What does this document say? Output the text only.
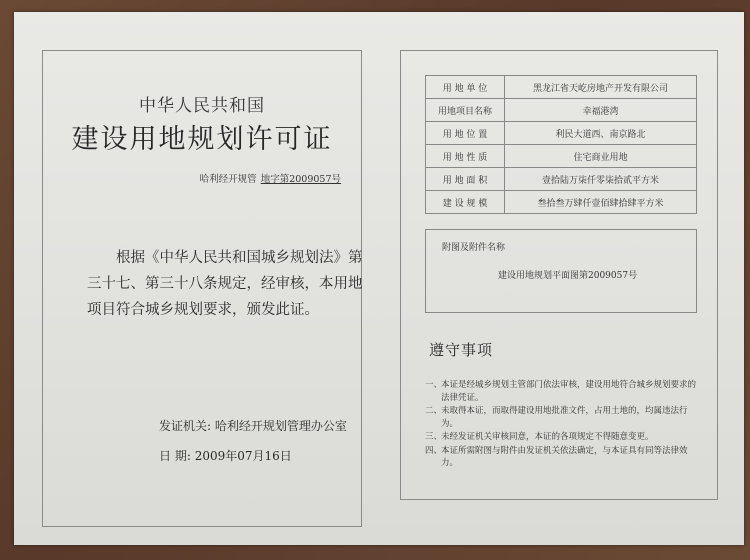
中华人民共和国
建设用地规划许可证
哈利经开规管 地字第2009057号
根据《中华人民共和国城乡规划法》第
三十七、第三十八条规定，经审核，本用地
项目符合城乡规划要求，颁发此证。
发证机关: 哈利经开规划管理办公室
日 期: 2009年07月16日
用 地 单 位	黑龙江省天屹房地产开发有限公司
用地项目名称	幸福港湾
用 地 位 置	利民大道西、南京路北
用 地 性 质	住宅商业用地
用 地 面 积	壹拾陆万柒仟零柒拾贰平方米
建 设 规 模	叁拾叁万肆仟壹佰肆拾肆平方米
附图及附件名称
建设用地规划平面图第2009057号
遵守事项
一、
本证是经城乡规划主管部门依法审核，建设用地符合城乡规划要求的法律凭证。
二、
未取得本证，而取得建设用地批准文件，占用土地的，均属违法行为。
三、
未经发证机关审核同意，本证的各项规定不得随意变更。
四、
本证所需附图与附件由发证机关依法确定，与本证具有同等法律效力。
